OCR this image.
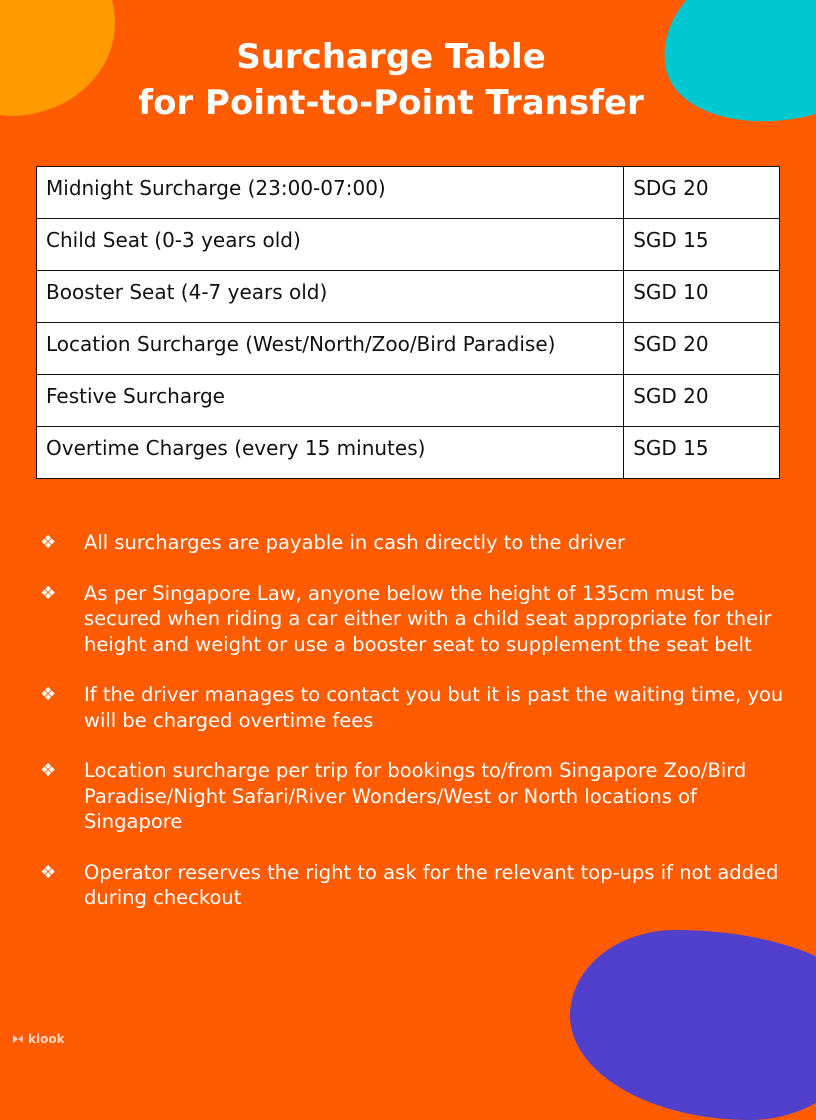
Surcharge Table
for Point-to-Point Transfer
Midnight Surcharge (23:00-07:00)	SDG 20
Child Seat (0-3 years old)	SGD 15
Booster Seat (4-7 years old)	SGD 10
Location Surcharge (West/North/Zoo/Bird Paradise)	SGD 20
Festive Surcharge	SGD 20
Overtime Charges (every 15 minutes)	SGD 15
❖ All surcharges are payable in cash directly to the driver
❖ As per Singapore Law, anyone below the height of 135cm must be secured when riding a car either with a child seat appropriate for their height and weight or use a booster seat to supplement the seat belt
❖ If the driver manages to contact you but it is past the waiting time, you will be charged overtime fees
❖ Location surcharge per trip for bookings to/from Singapore Zoo/Bird Paradise/Night Safari/River Wonders/West or North locations of Singapore
❖ Operator reserves the right to ask for the relevant top-ups if not added during checkout
klook
